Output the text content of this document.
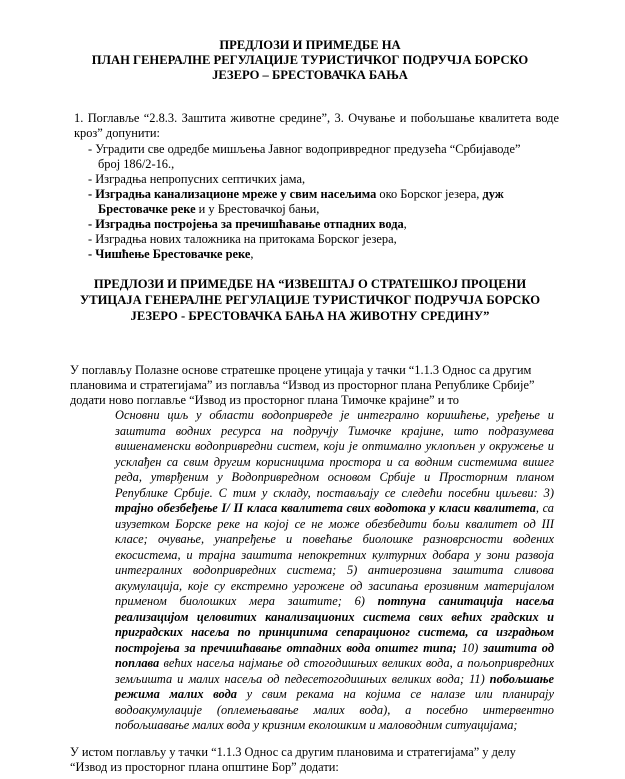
ПРЕДЛОЗИ И ПРИМЕДБЕ НА
ПЛАН ГЕНЕРАЛНЕ РЕГУЛАЦИЈЕ ТУРИСТИЧКОГ ПОДРУЧЈА БОРСКО
ЈЕЗЕРО – БРЕСТОВАЧКА БАЊА
1. Поглавље “2.8.3. Заштита животне средине”, 3. Очување и побољшање квалитета воде кроз” допунити:
- Уградити све одредбе мишљења Јавног водопривредног предузећа “Србијаводе”
број 186/2-16.,
- Изградња непропусних септичких јама,
- Изградња канализационе мреже у свим насељима око Борског језера, дуж
Брестовачке реке и у Брестовачкој бањи,
- Изградња постројења за пречишћавање отпадних вода,
- Изградња нових таложника на притокама Борског језера,
- Чишћење Брестовачке реке,
ПРЕДЛОЗИ И ПРИМЕДБЕ НА “ИЗВЕШТАЈ О СТРАТЕШКОЈ ПРОЦЕНИ
УТИЦАЈА ГЕНЕРАЛНЕ РЕГУЛАЦИЈЕ ТУРИСТИЧКОГ ПОДРУЧЈА БОРСКО
ЈЕЗЕРО - БРЕСТОВАЧКА БАЊА НА ЖИВОТНУ СРЕДИНУ”
У поглављу Полазне основе стратешке процене утицаја у тачки “1.1.3 Однос са другим плановима и стратегијама” из поглавља “Извод из просторног плана Републике Србије” додати ново поглавље “Извод из просторног плана Тимочке крајине” и то
Основни циљ у области водопривреде је интегрално коришћење, уређење и заштита водних ресурса на подручју Тимочке крајине, што подразумева вишенаменски водопривредни систем, који је оптимално уклопљен у окружење и усклађен са свим другим корисницима простора и са водним системима вишег реда, утврђеним у Водопривредном основом Србије и Просторним планом Републике Србије. С тим у складу, постављају се следећи посебни циљеви: 3) трајно обезбеђење I/ II класа квалитета свих водотока у класи квалитета, са изузетком Борске реке на којој се не може обезбедити бољи квалитет од III класе; очување, унапређење и повећање биолошке разноврсности водених екосистема, и трајна заштита непокретних културних добара у зони развоја интегралних водопривредних система; 5) антиерозивна заштита сливова акумулација, које су екстремно угрожене од засипања ерозивним материјалом применом биолошких мера заштите; 6) потпуна санитација насеља реализацијом целовитих канализационих система свих већих градских и приградских насеља по принципима сепарационог система, са изградњом постројења за пречишћавање отпадних вода општег типа; 10) заштита од поплава већих насеља најмање од стогодишњих великих вода, а пољопривредних земљишта и малих насеља од педесетогодишњих великих вода; 11) побољшање режима малих вода у свим рекама на којима се налазе или планирају водоакумулације (оплемењавање малих вода), а посебно интервентно побољшавање малих вода у кризним еколошким и маловодним ситуацијама;
У истом поглављу у тачки “1.1.3 Однос са другим плановима и стратегијама” у делу “Извод из просторног плана општине Бор” додати:
